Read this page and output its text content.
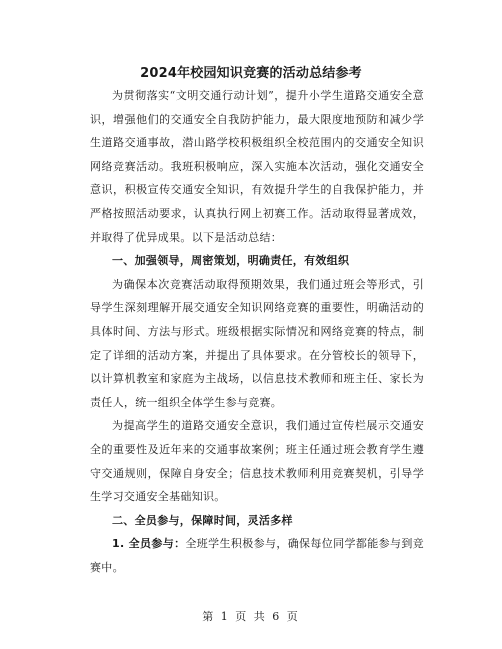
2024年校园知识竞赛的活动总结参考

为贯彻落实“文明交通行动计划”，提升小学生道路交通安全意识，增强他们的交通安全自我防护能力，最大限度地预防和减少学生道路交通事故，潜山路学校积极组织全校范围内的交通安全知识网络竞赛活动。我班积极响应，深入实施本次活动，强化交通安全意识，积极宣传交通安全知识，有效提升学生的自我保护能力，并严格按照活动要求，认真执行网上初赛工作。活动取得显著成效，并取得了优异成果。以下是活动总结：

一、加强领导，周密策划，明确责任，有效组织

为确保本次竞赛活动取得预期效果，我们通过班会等形式，引导学生深刻理解开展交通安全知识网络竞赛的重要性，明确活动的具体时间、方法与形式。班级根据实际情况和网络竞赛的特点，制定了详细的活动方案，并提出了具体要求。在分管校长的领导下，以计算机教室和家庭为主战场，以信息技术教师和班主任、家长为责任人，统一组织全体学生参与竞赛。

为提高学生的道路交通安全意识，我们通过宣传栏展示交通安全的重要性及近年来的交通事故案例；班主任通过班会教育学生遵守交通规则，保障自身安全；信息技术教师利用竞赛契机，引导学生学习交通安全基础知识。

二、全员参与，保障时间，灵活多样

1. 全员参与：全班学生积极参与，确保每位同学都能参与到竞赛中。

第 1 页 共 6 页
